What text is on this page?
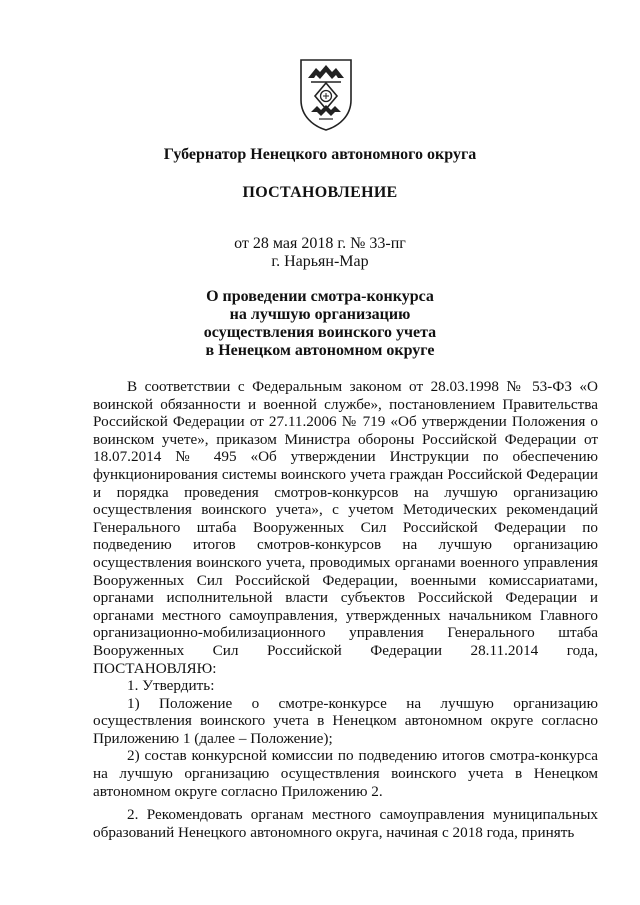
Губернатор Ненецкого автономного округа
ПОСТАНОВЛЕНИЕ
от 28 мая 2018 г. № 33-пг
г. Нарьян-Мар
О проведении смотра-конкурса
на лучшую организацию
осуществления воинского учета
в Ненецком автономном округе

В соответствии с Федеральным законом от 28.03.1998 № 53-ФЗ «О воинской обязанности и военной службе», постановлением Правительства Российской Федерации от 27.11.2006 № 719 «Об утверждении Положения о воинском учете», приказом Министра обороны Российской Федерации от 18.07.2014 № 495 «Об утверждении Инструкции по обеспечению функционирования системы воинского учета граждан Российской Федерации и порядка проведения смотров-конкурсов на лучшую организацию осуществления воинского учета», с учетом Методических рекомендаций Генерального штаба Вооруженных Сил Российской Федерации по подведению итогов смотров-конкурсов на лучшую организацию осуществления воинского учета, проводимых органами военного управления Вооруженных Сил Российской Федерации, военными комиссариатами, органами исполнительной власти субъектов Российской Федерации и органами местного самоуправления, утвержденных начальником Главного организационно-мобилизационного управления Генерального штаба Вооруженных Сил Российской Федерации 28.11.2014 года, ПОСТАНОВЛЯЮ:

1. Утвердить:

1) Положение о смотре-конкурсе на лучшую организацию осуществления воинского учета в Ненецком автономном округе согласно Приложению 1 (далее – Положение);

2) состав конкурсной комиссии по подведению итогов смотра-конкурса на лучшую организацию осуществления воинского учета в Ненецком автономном округе согласно Приложению 2.

2. Рекомендовать органам местного самоуправления муниципальных образований Ненецкого автономного округа, начиная с 2018 года, принять
